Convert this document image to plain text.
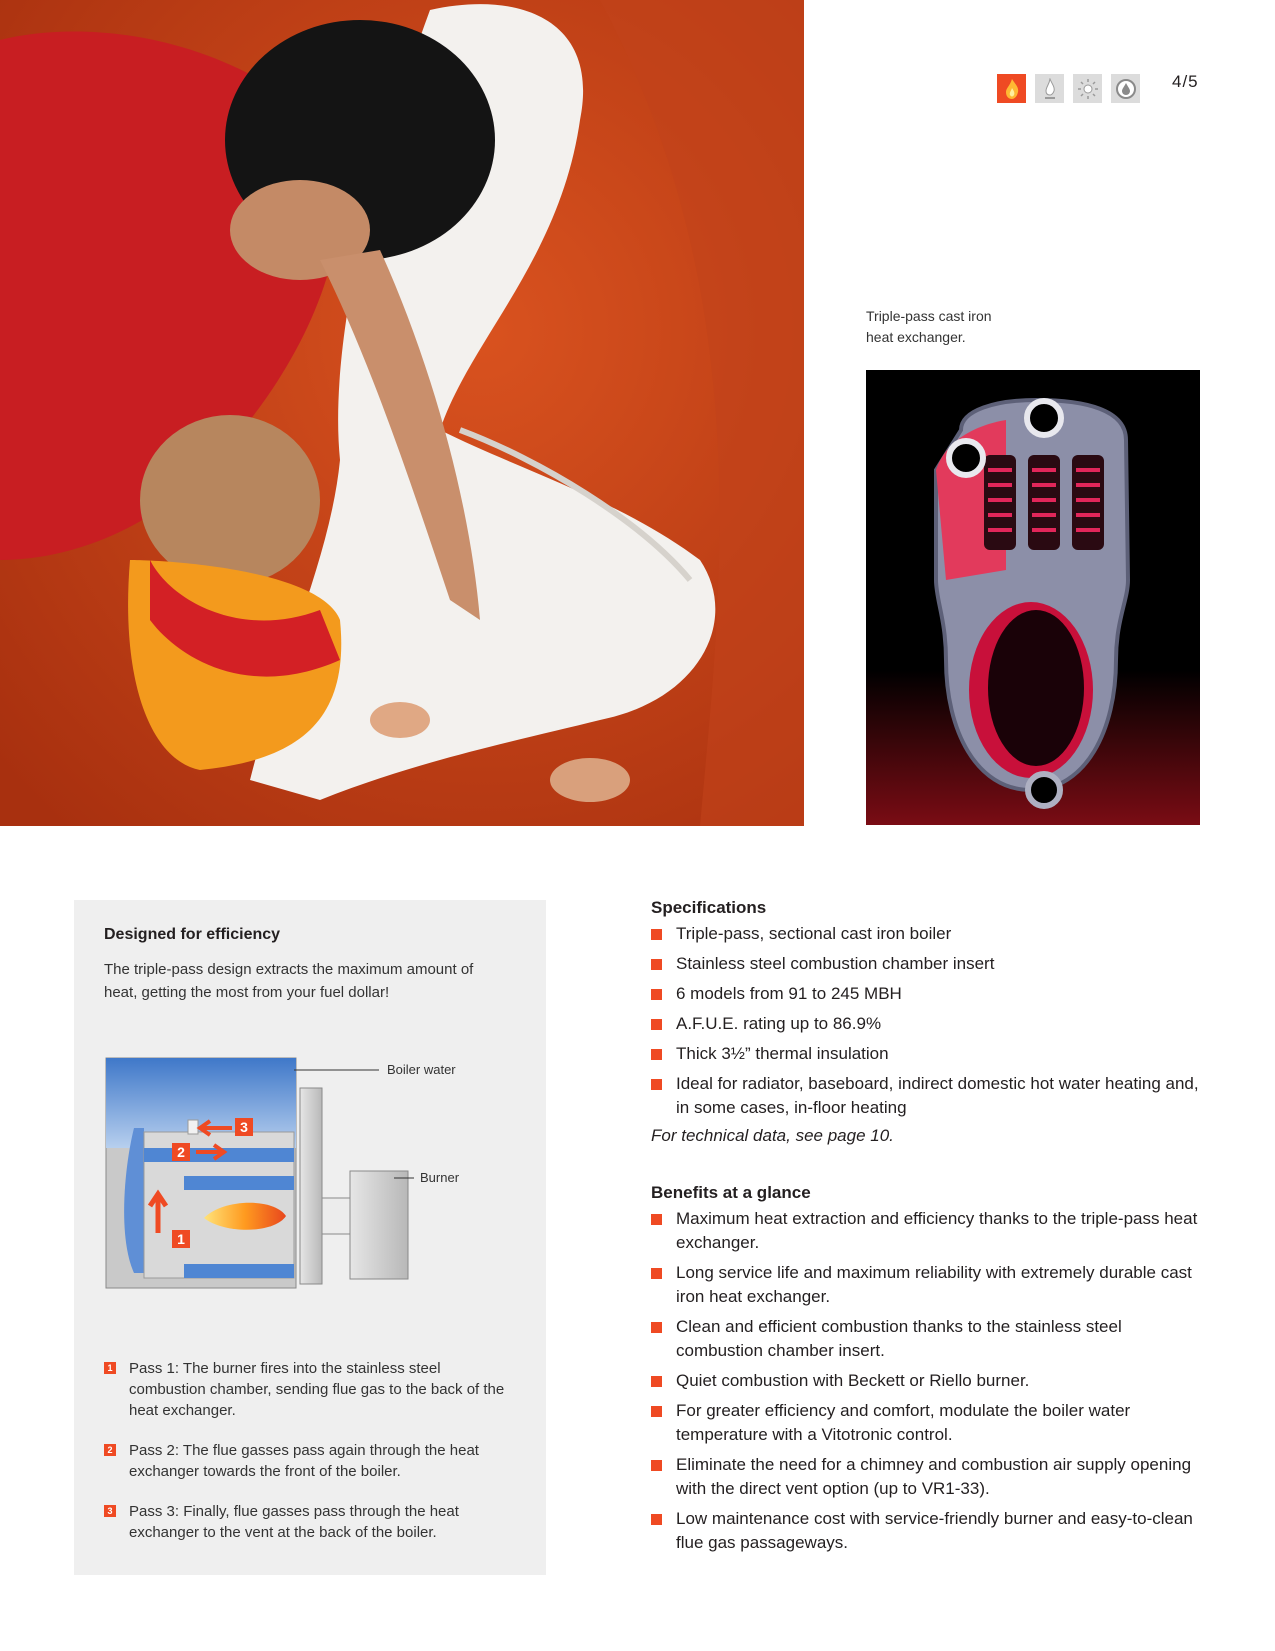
4/5
Triple-pass cast iron
heat exchanger.
Designed for efficiency

The triple-pass design extracts the maximum amount of heat, getting the most from your fuel dollar!

1
2
3
Boiler water
Burner
1 Pass 1: The burner fires into the stainless steel combustion chamber, sending flue gas to the back of the heat exchanger.
2 Pass 2: The flue gasses pass again through the heat exchanger towards the front of the boiler.
3 Pass 3: Finally, flue gasses pass through the heat exchanger to the vent at the back of the boiler.
Specifications
Triple-pass, sectional cast iron boiler
Stainless steel combustion chamber insert
6 models from 91 to 245 MBH
A.F.U.E. rating up to 86.9%
Thick 3½” thermal insulation
Ideal for radiator, baseboard, indirect domestic hot water heating and, in some cases, in-floor heating

For technical data, see page 10.

Benefits at a glance
Maximum heat extraction and efficiency thanks to the triple-pass heat exchanger.
Long service life and maximum reliability with extremely durable cast iron heat exchanger.
Clean and efficient combustion thanks to the stainless steel combustion chamber insert.
Quiet combustion with Beckett or Riello burner.
For greater efficiency and comfort, modulate the boiler water temperature with a Vitotronic control.
Eliminate the need for a chimney and combustion air supply opening with the direct vent option (up to VR1-33).
Low maintenance cost with service-friendly burner and easy-to-clean flue gas passageways.
